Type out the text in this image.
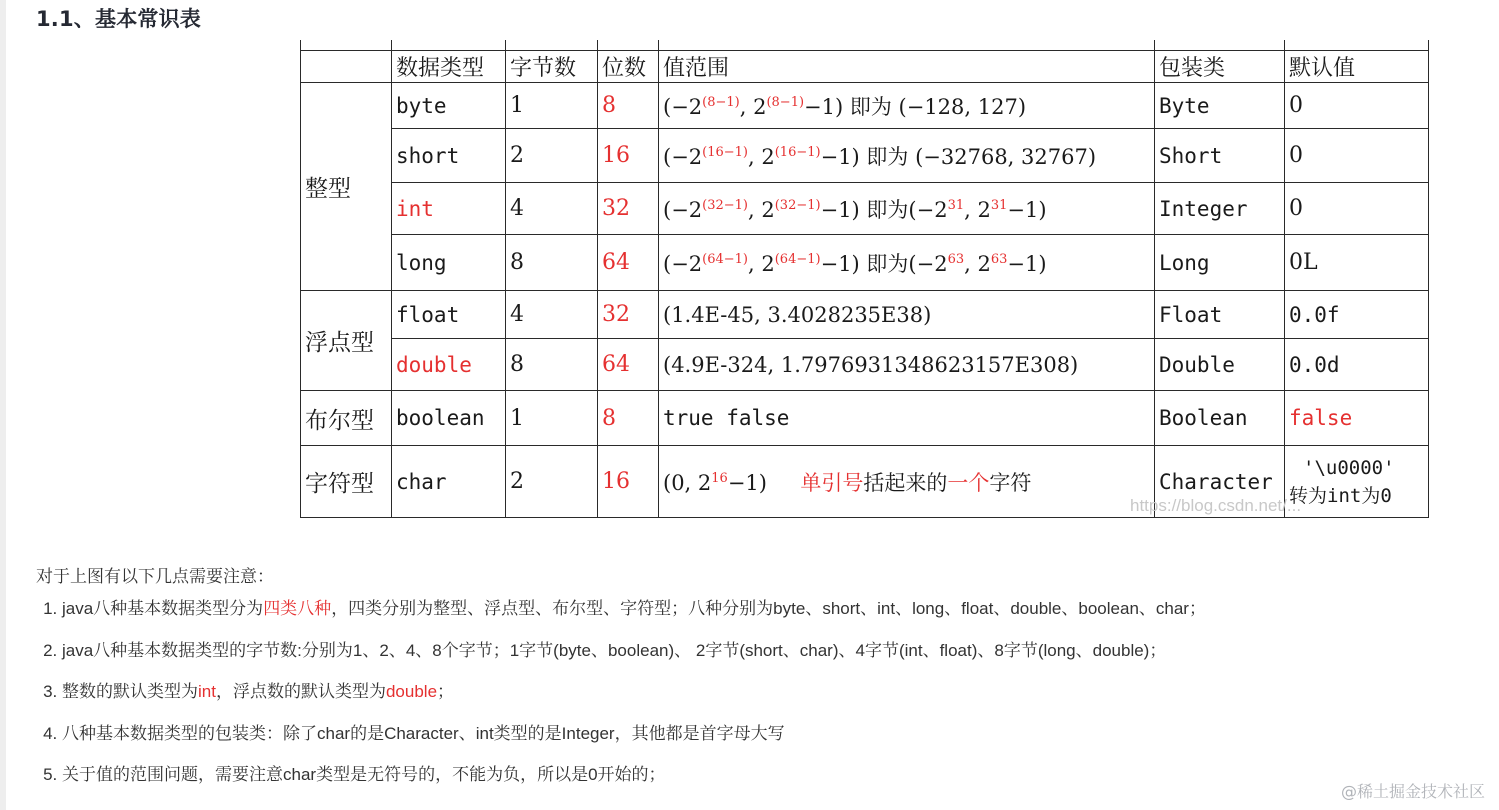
1.1、基本常识表

	数据类型	字节数	位数	值范围	包装类	默认值
整型	byte	1	8	($-2^{(8-1)}$, $2^{(8-1)}-1$) 即为 (−128, 127)	Byte	0
	short	2	16	($-2^{(16-1)}$, $2^{(16-1)}-1$) 即为 (−32768, 32767)	Short	0
	int	4	32	($-2^{(32-1)}$, $2^{(32-1)}-1$) 即为($-2^{31}$, $2^{31}-1$)	Integer	0
	long	8	64	($-2^{(64-1)}$, $2^{(64-1)}-1$) 即为($-2^{63}$, $2^{63}-1$)	Long	0L
浮点型	float	4	32	(1.4E-45, 3.4028235E38)	Float	0.0f
	double	8	64	(4.9E-324, 1.7976931348623157E308)	Double	0.0d
布尔型	boolean	1	8	true false	Boolean	false
字符型	char	2	16	(0, $2^{16}-1$) 单引号括起来的一个字符	Character	'\u0000'
转为int为0
https://blog.csdn.net/...
对于上图有以下几点需要注意：
1. java八种基本数据类型分为四类八种，四类分别为整型、浮点型、布尔型、字符型；八种分别为byte、short、int、long、float、double、boolean、char；
2. java八种基本数据类型的字节数:分别为1、2、4、8个字节；1字节(byte、boolean)、 2字节(short、char)、4字节(int、float)、8字节(long、double)；
3. 整数的默认类型为int，浮点数的默认类型为double；
4. 八种基本数据类型的包装类：除了char的是Character、int类型的是Integer，其他都是首字母大写
5. 关于值的范围问题，需要注意char类型是无符号的，不能为负，所以是0开始的；
@稀土掘金技术社区
